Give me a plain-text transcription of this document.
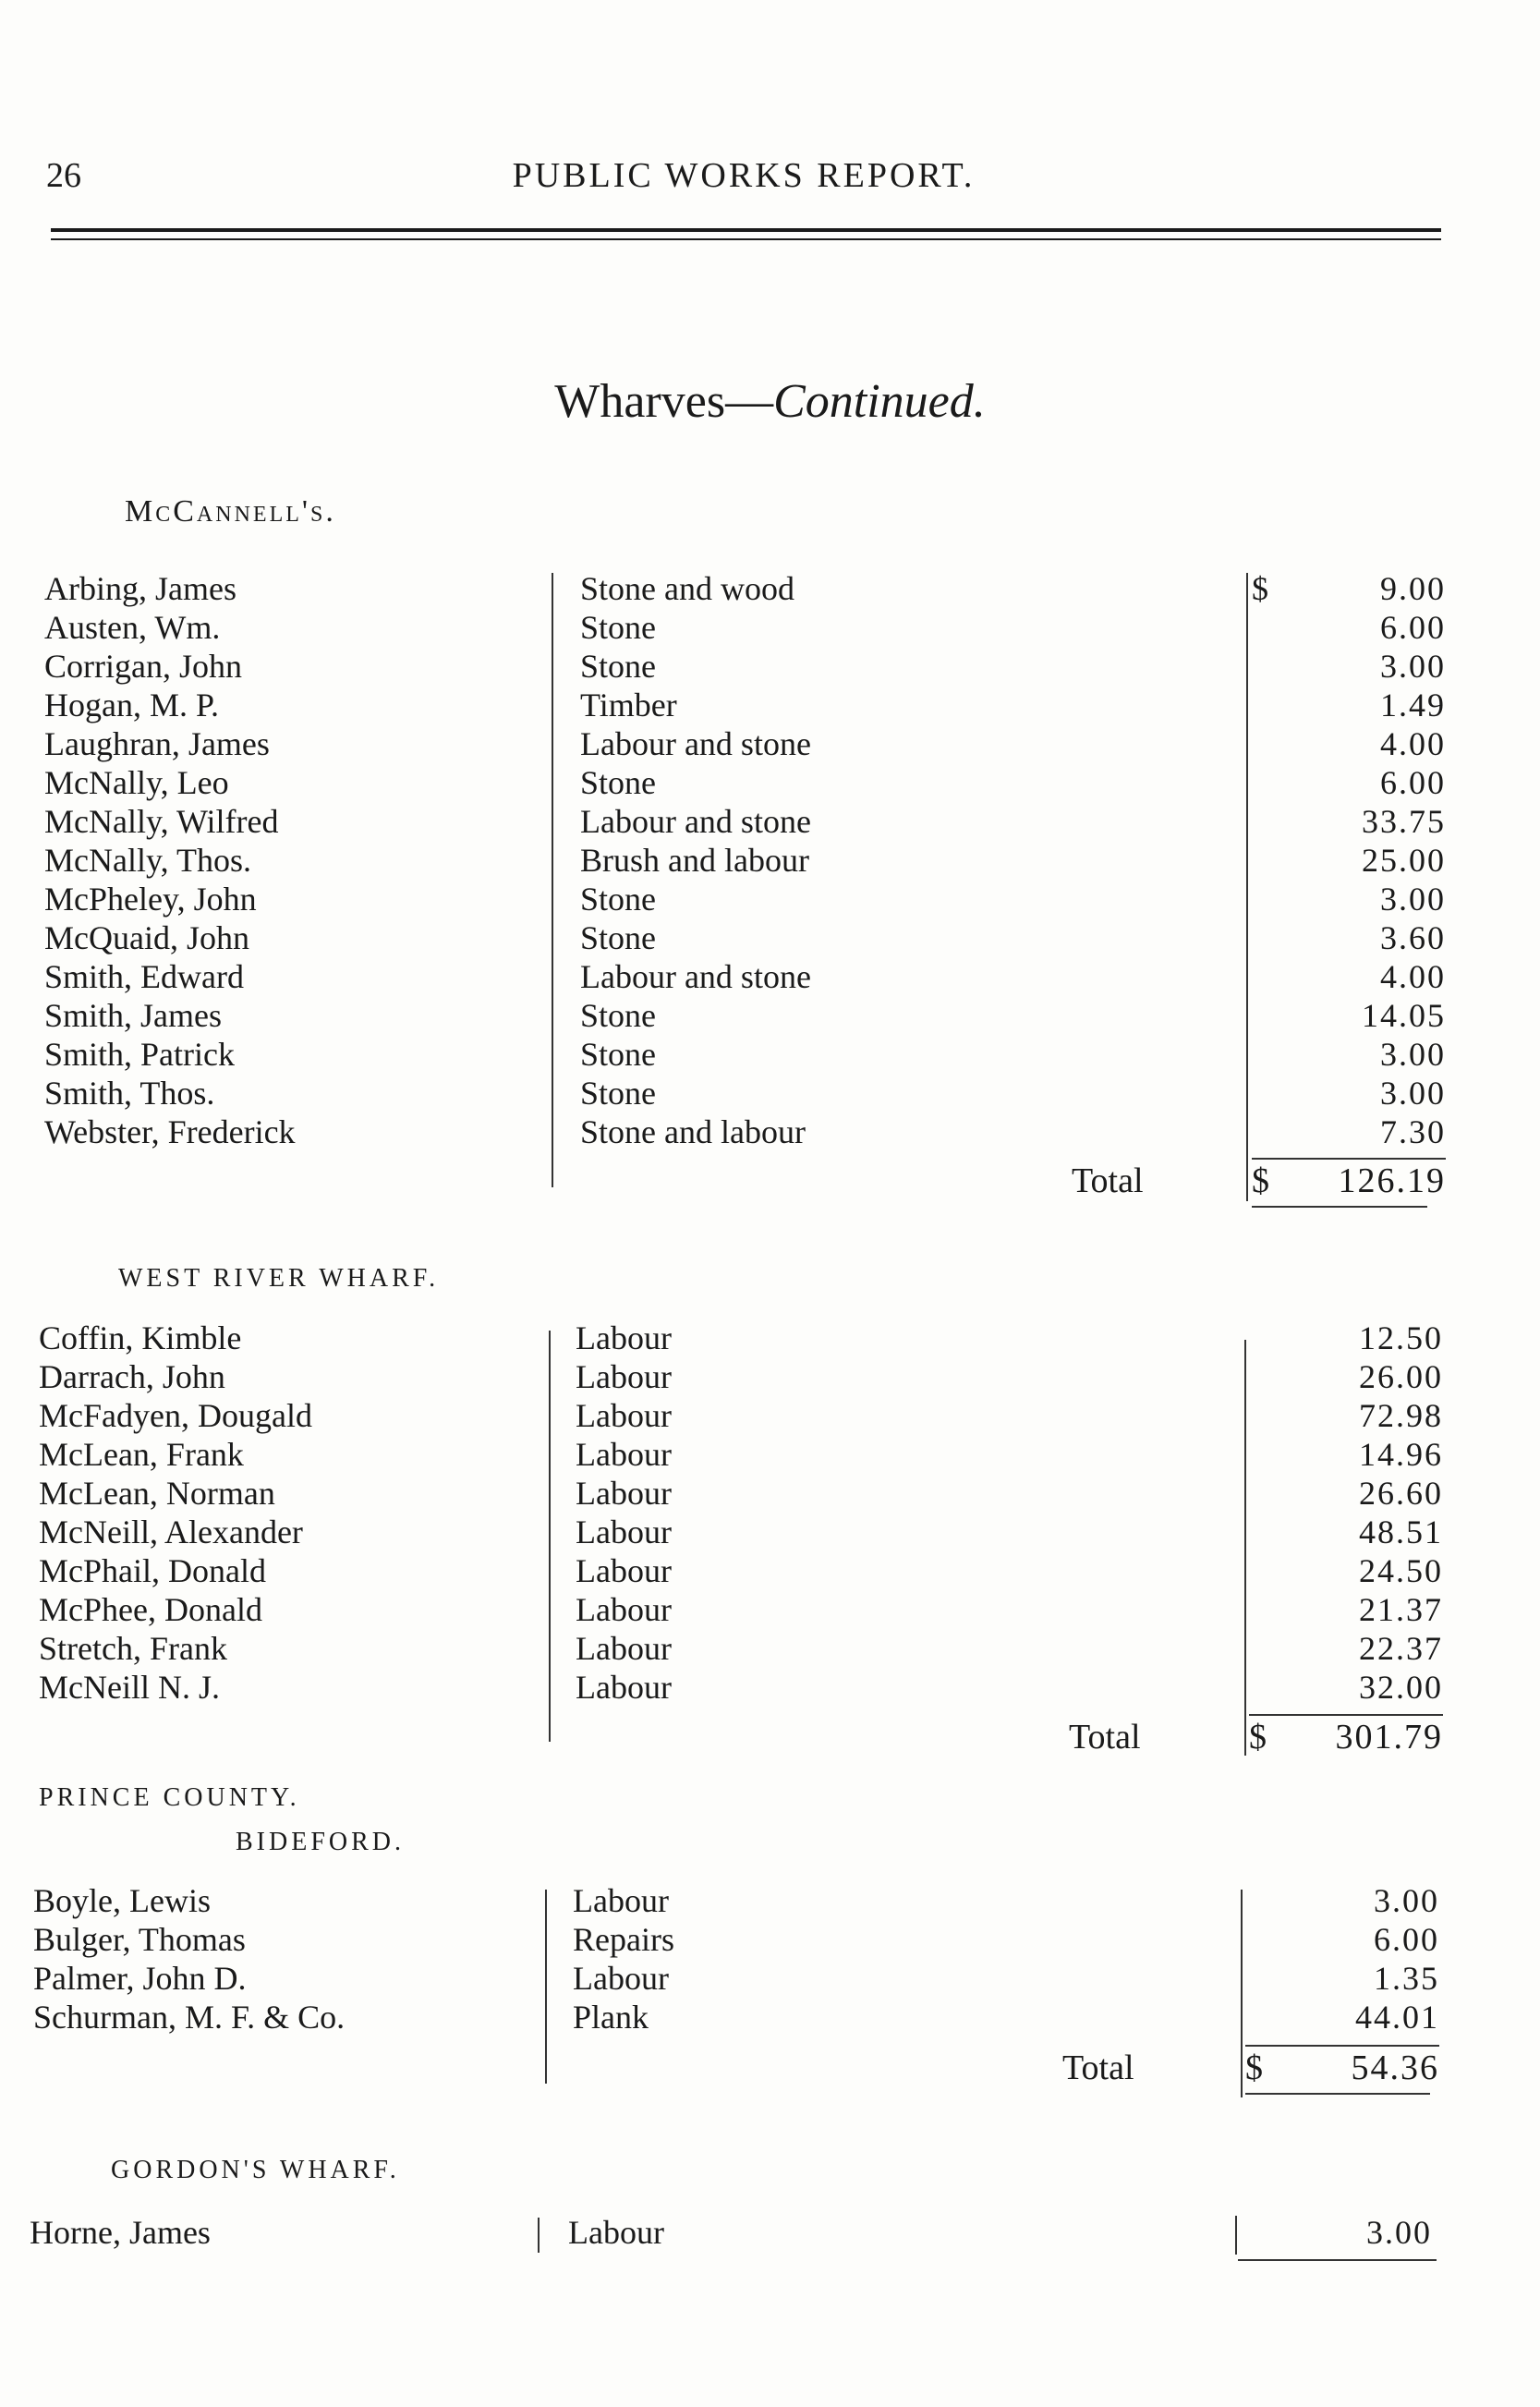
26	PUBLIC WORKS REPORT.
Wharves—Continued.
McCannell's.
Arbing, James	Stone and wood	$	9.00
Austen, Wm.	Stone	6.00
Corrigan, John	Stone	3.00
Hogan, M. P.	Timber	1.49
Laughran, James	Labour and stone	4.00
McNally, Leo	Stone	6.00
McNally, Wilfred	Labour and stone	33.75
McNally, Thos.	Brush and labour	25.00
McPheley, John	Stone	3.00
McQuaid, John	Stone	3.60
Smith, Edward	Labour and stone	4.00
Smith, James	Stone	14.05
Smith, Patrick	Stone	3.00
Smith, Thos.	Stone	3.00
Webster, Frederick	Stone and labour	7.30
Total	$	126.19
WEST RIVER WHARF.
Coffin, Kimble	Labour	12.50
Darrach, John	Labour	26.00
McFadyen, Dougald	Labour	72.98
McLean, Frank	Labour	14.96
McLean, Norman	Labour	26.60
McNeill, Alexander	Labour	48.51
McPhail, Donald	Labour	24.50
McPhee, Donald	Labour	21.37
Stretch, Frank	Labour	22.37
McNeill N. J.	Labour	32.00
Total	$	301.79
PRINCE COUNTY.
BIDEFORD.
Boyle, Lewis	Labour	3.00
Bulger, Thomas	Repairs	6.00
Palmer, John D.	Labour	1.35
Schurman, M. F. & Co.	Plank	44.01
Total	$	54.36
GORDON'S WHARF.
Horne, James	Labour	3.00
